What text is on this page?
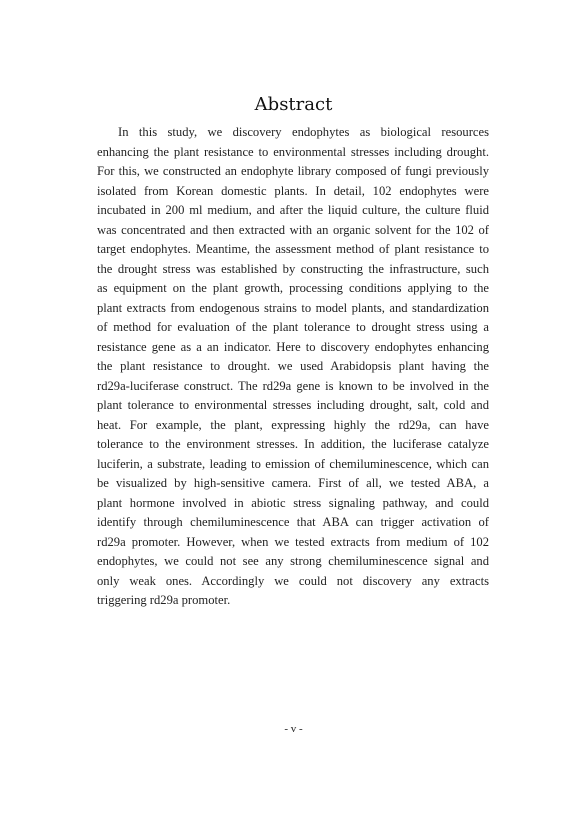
Abstract
In this study, we discovery endophytes as biological resources
enhancing the plant resistance to environmental stresses including drought.
For this, we constructed an endophyte library composed of fungi previously
isolated from Korean domestic plants. In detail, 102 endophytes were
incubated in 200 ml medium, and after the liquid culture, the culture fluid
was concentrated and then extracted with an organic solvent for the 102 of
target endophytes. Meantime, the assessment method of plant resistance to
the drought stress was established by constructing the infrastructure, such
as equipment on the plant growth, processing conditions applying to the
plant extracts from endogenous strains to model plants, and standardization
of method for evaluation of the plant tolerance to drought stress using a
resistance gene as a an indicator. Here to discovery endophytes enhancing
the plant resistance to drought. we used Arabidopsis plant having the
rd29a-luciferase construct. The rd29a gene is known to be involved in the
plant tolerance to environmental stresses including drought, salt, cold and
heat. For example, the plant, expressing highly the rd29a, can have
tolerance to the environment stresses. In addition, the luciferase catalyze
luciferin, a substrate, leading to emission of chemiluminescence, which can
be visualized by high-sensitive camera. First of all, we tested ABA, a
plant hormone involved in abiotic stress signaling pathway, and could
identify through chemiluminescence that ABA can trigger activation of
rd29a promoter. However, when we tested extracts from medium of 102
endophytes, we could not see any strong chemiluminescence signal and
only weak ones. Accordingly we could not discovery any extracts
triggering rd29a promoter.
- v -
